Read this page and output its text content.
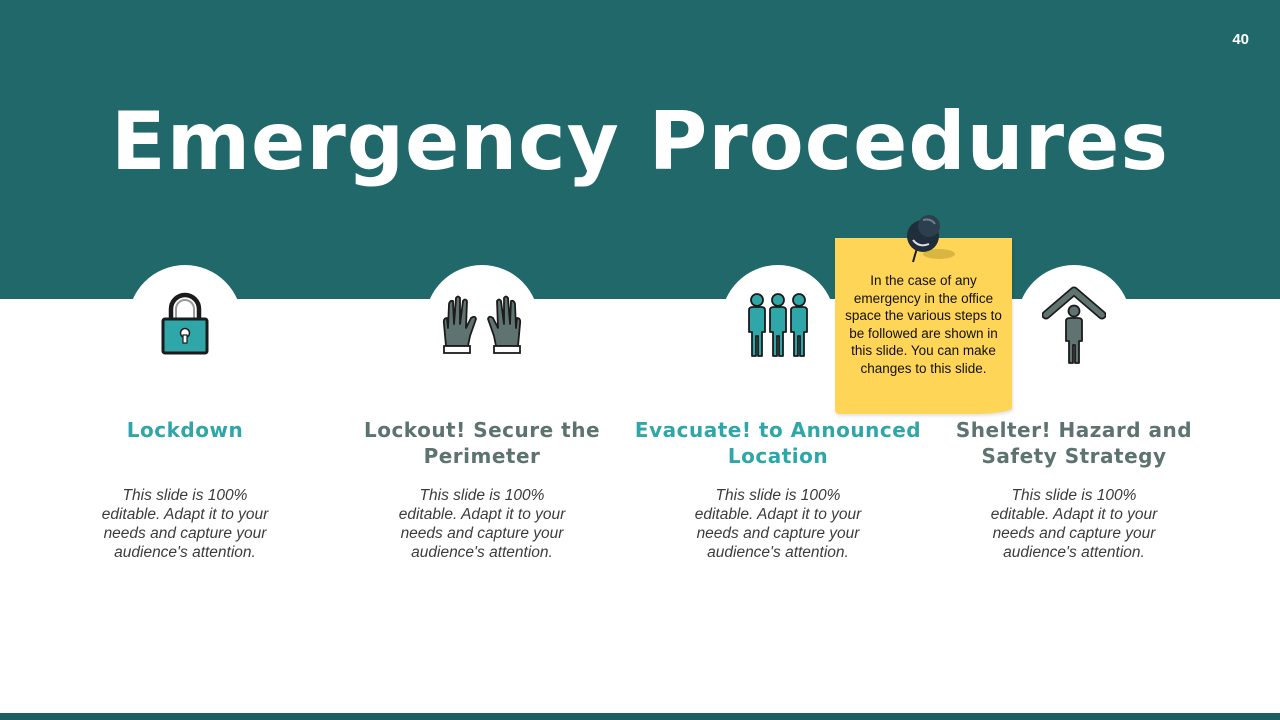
40
Emergency Procedures
Lockdown
This slide is 100% editable. Adapt it to your needs and capture your audience's attention.
Lockout! Secure the Perimeter
This slide is 100% editable. Adapt it to your needs and capture your audience's attention.
Evacuate! to Announced Location
This slide is 100% editable. Adapt it to your needs and capture your audience's attention.
Shelter! Hazard and Safety Strategy
This slide is 100% editable. Adapt it to your needs and capture your audience's attention.
In the case of any emergency in the office space the various steps to be followed are shown in this slide. You can make changes to this slide.
